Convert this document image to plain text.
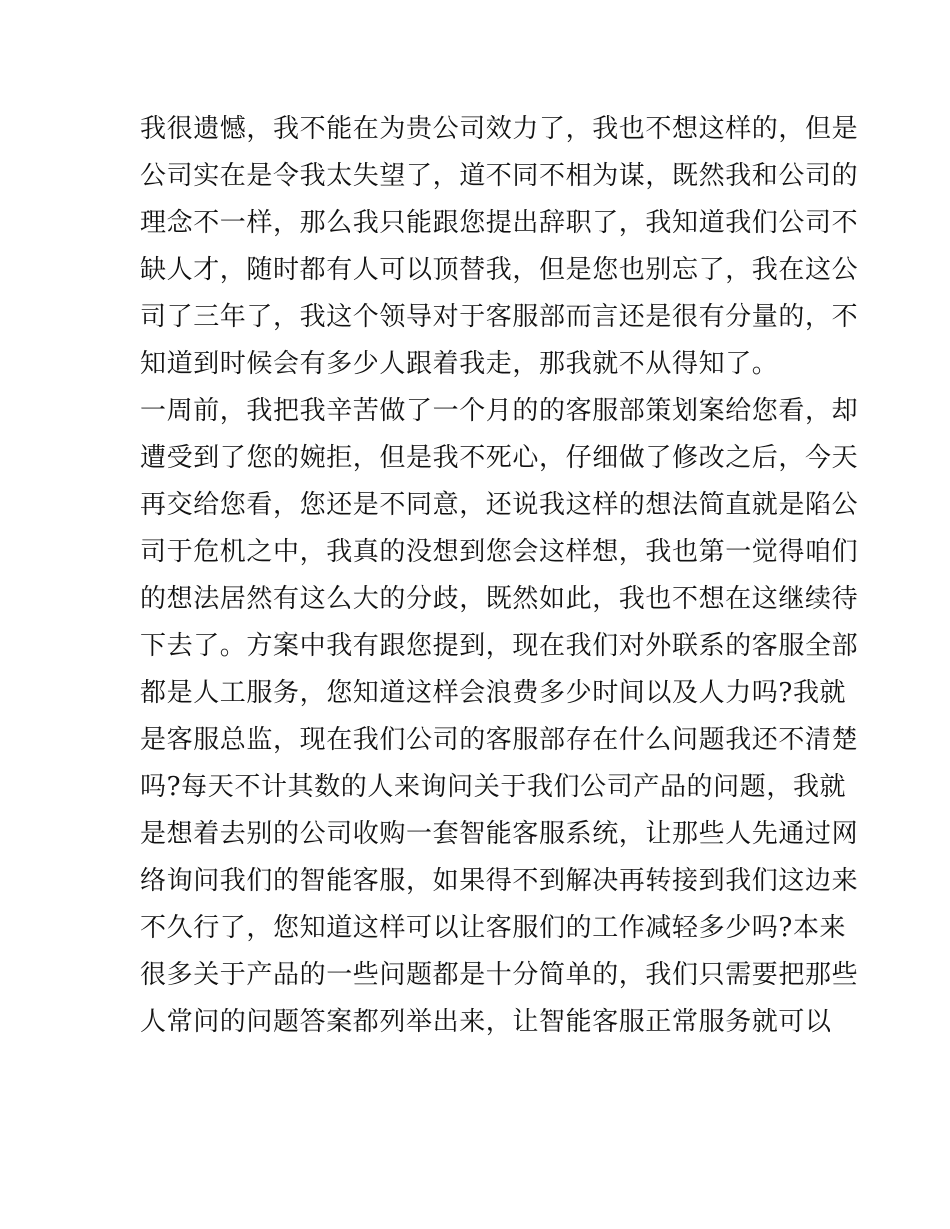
我很遗憾，我不能在为贵公司效力了，我也不想这样的，但是
公司实在是令我太失望了，道不同不相为谋，既然我和公司的
理念不一样，那么我只能跟您提出辞职了，我知道我们公司不
缺人才，随时都有人可以顶替我，但是您也别忘了，我在这公
司了三年了，我这个领导对于客服部而言还是很有分量的，不
知道到时候会有多少人跟着我走，那我就不从得知了。
一周前，我把我辛苦做了一个月的的客服部策划案给您看，却
遭受到了您的婉拒，但是我不死心，仔细做了修改之后，今天
再交给您看，您还是不同意，还说我这样的想法简直就是陷公
司于危机之中，我真的没想到您会这样想，我也第一觉得咱们
的想法居然有这么大的分歧，既然如此，我也不想在这继续待
下去了。方案中我有跟您提到，现在我们对外联系的客服全部
都是人工服务，您知道这样会浪费多少时间以及人力吗?我就
是客服总监，现在我们公司的客服部存在什么问题我还不清楚
吗?每天不计其数的人来询问关于我们公司产品的问题，我就
是想着去别的公司收购一套智能客服系统，让那些人先通过网
络询问我们的智能客服，如果得不到解决再转接到我们这边来
不久行了，您知道这样可以让客服们的工作减轻多少吗?本来
很多关于产品的一些问题都是十分简单的，我们只需要把那些
人常问的问题答案都列举出来，让智能客服正常服务就可以
